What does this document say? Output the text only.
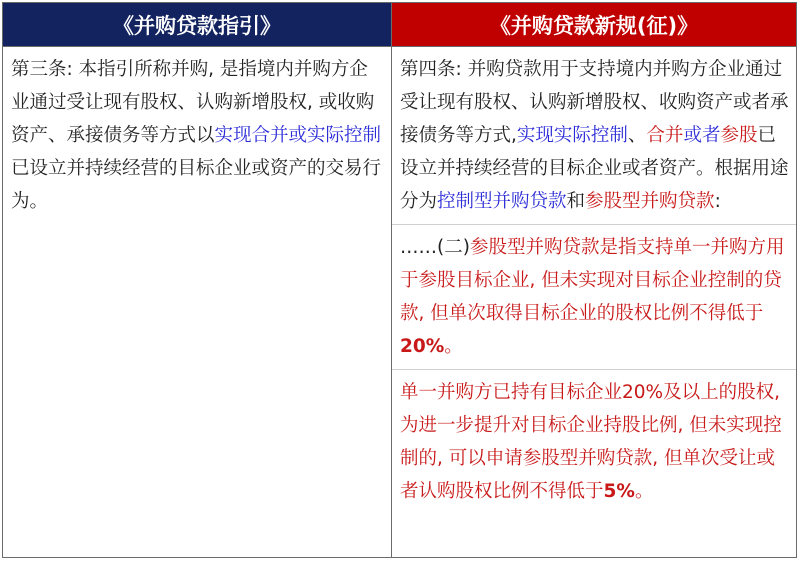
《并购贷款指引》	《并购贷款新规(征)》

第三条: 本指引所称并购, 是指境内并购方企业通过受让现有股权、认购新增股权, 或收购资产、承接债务等方式以实现合并或实际控制已设立并持续经营的目标企业或资产的交易行为。

第四条: 并购贷款用于支持境内并购方企业通过受让现有股权、认购新增股权、收购资产或者承接债务等方式,实现实际控制、合并或者参股已设立并持续经营的目标企业或者资产。根据用途分为控制型并购贷款和参股型并购贷款:

……(二)参股型并购贷款是指支持单一并购方用于参股目标企业, 但未实现对目标企业控制的贷款, 但单次取得目标企业的股权比例不得低于20%。

单一并购方已持有目标企业20%及以上的股权, 为进一步提升对目标企业持股比例, 但未实现控制的, 可以申请参股型并购贷款, 但单次受让或者认购股权比例不得低于5%。
